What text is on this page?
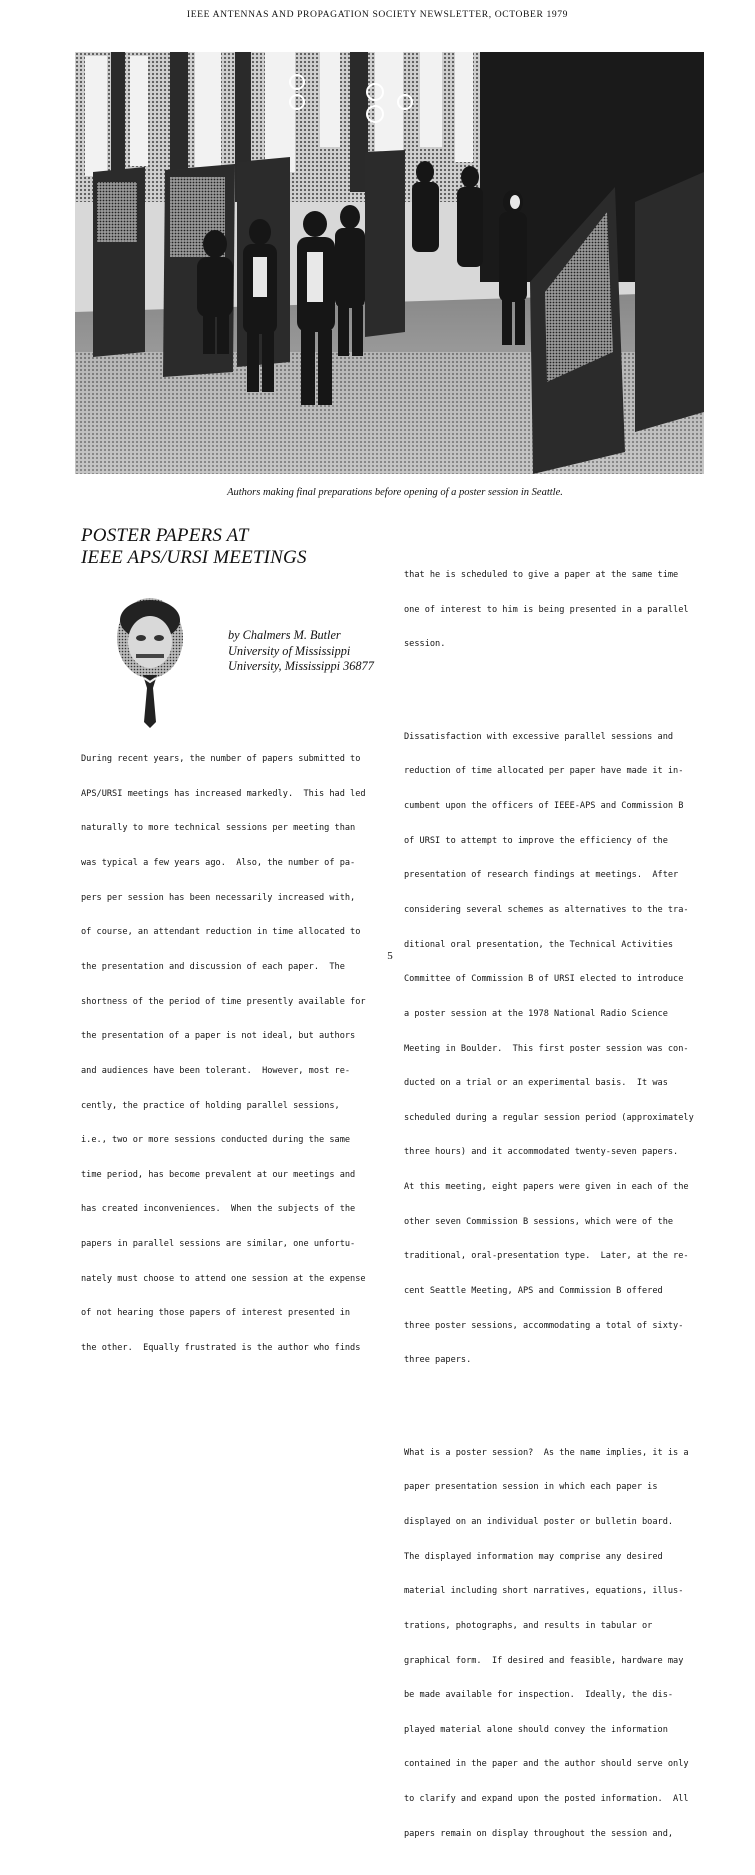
IEEE ANTENNAS AND PROPAGATION SOCIETY NEWSLETTER, OCTOBER 1979
Authors making final preparations before opening of a poster session in Seattle.
POSTER PAPERS AT
IEEE APS/URSI MEETINGS
by Chalmers M. Butler
University of Mississippi
University, Mississippi 36877

During recent years, the number of papers submitted to

APS/URSI meetings has increased markedly.  This had led

naturally to more technical sessions per meeting than

was typical a few years ago.  Also, the number of pa-

pers per session has been necessarily increased with,

of course, an attendant reduction in time allocated to

the presentation and discussion of each paper.  The

shortness of the period of time presently available for

the presentation of a paper is not ideal, but authors

and audiences have been tolerant.  However, most re-

cently, the practice of holding parallel sessions,

i.e., two or more sessions conducted during the same

time period, has become prevalent at our meetings and

has created inconveniences.  When the subjects of the

papers in parallel sessions are similar, one unfortu-

nately must choose to attend one session at the expense

of not hearing those papers of interest presented in

the other.  Equally frustrated is the author who finds

that he is scheduled to give a paper at the same time

one of interest to him is being presented in a parallel

session.

Dissatisfaction with excessive parallel sessions and

reduction of time allocated per paper have made it in-

cumbent upon the officers of IEEE-APS and Commission B

of URSI to attempt to improve the efficiency of the

presentation of research findings at meetings.  After

considering several schemes as alternatives to the tra-

ditional oral presentation, the Technical Activities

Committee of Commission B of URSI elected to introduce

a poster session at the 1978 National Radio Science

Meeting in Boulder.  This first poster session was con-

ducted on a trial or an experimental basis.  It was

scheduled during a regular session period (approximately

three hours) and it accommodated twenty-seven papers.

At this meeting, eight papers were given in each of the

other seven Commission B sessions, which were of the

traditional, oral-presentation type.  Later, at the re-

cent Seattle Meeting, APS and Commission B offered

three poster sessions, accommodating a total of sixty-

three papers.

What is a poster session?  As the name implies, it is a

paper presentation session in which each paper is

displayed on an individual poster or bulletin board.

The displayed information may comprise any desired

material including short narratives, equations, illus-

trations, photographs, and results in tabular or

graphical form.  If desired and feasible, hardware may

be made available for inspection.  Ideally, the dis-

played material alone should convey the information

contained in the paper and the author should serve only

to clarify and expand upon the posted information.  All

papers remain on display throughout the session and,

5
